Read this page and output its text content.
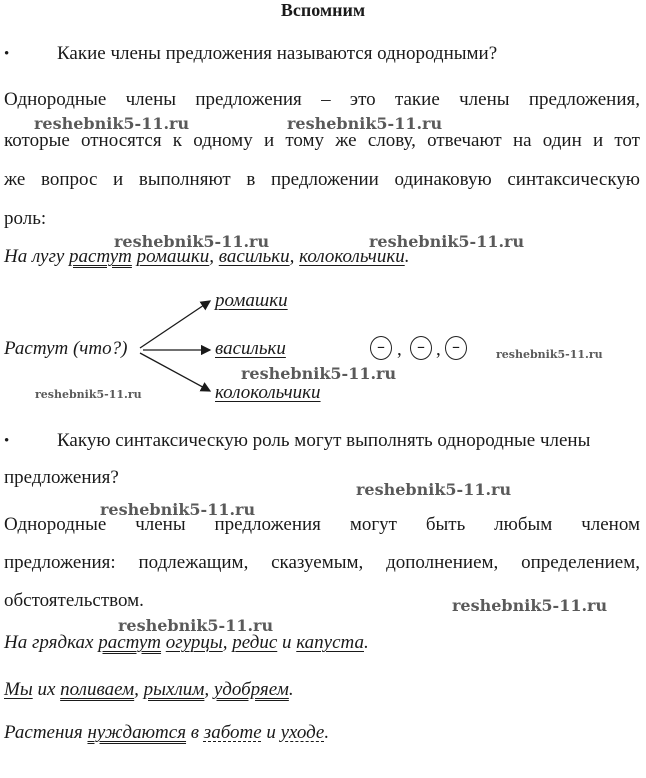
Вспомним
•	Какие члены предложения называются однородными?
Однородные члены предложения – это такие члены предложения,
которые относятся к одному и тому же слову, отвечают на один и тот
же вопрос и выполняют в предложении одинаковую синтаксическую
роль:
На лугу растут ромашки, васильки, колокольчики.
Растут (что?)
ромашки
васильки
колокольчики
– , – , –
•	Какую синтаксическую роль могут выполнять однородные члены
предложения?
Однородные члены предложения могут быть любым членом
предложения: подлежащим, сказуемым, дополнением, определением,
обстоятельством.
На грядках растут огурцы, редис и капуста.
Мы их поливаем, рыхлим, удобряем.
Растения нуждаются в заботе и уходе.
reshebnik5-11.ru	reshebnik5-11.ru
reshebnik5-11.ru	reshebnik5-11.ru
reshebnik5-11.ru
reshebnik5-11.ru
reshebnik5-11.ru
reshebnik5-11.ru
reshebnik5-11.ru
reshebnik5-11.ru
reshebnik5-11.ru
